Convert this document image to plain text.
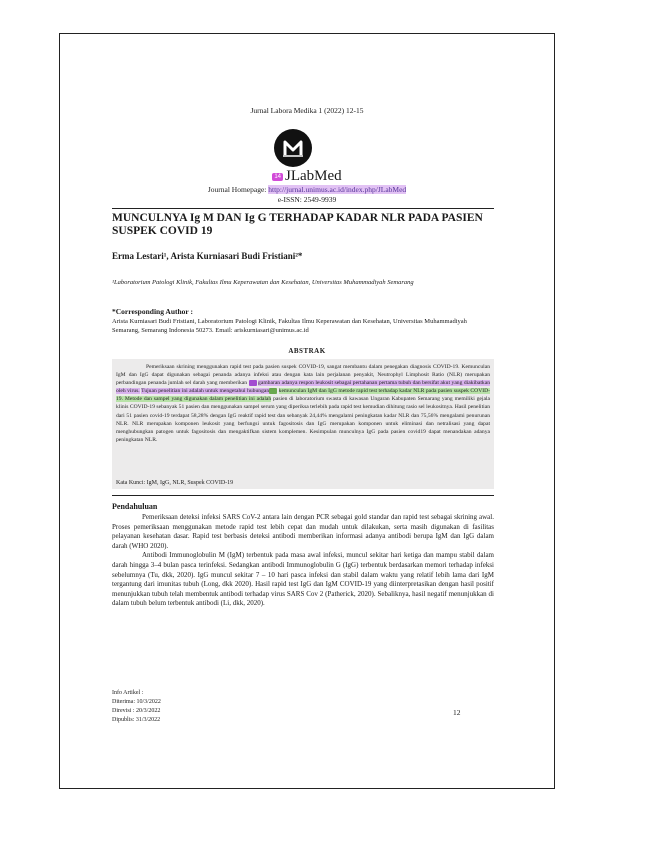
Jurnal Labora Medika 1 (2022) 12-15
14 JLabMed
Journal Homepage: http://jurnal.unimus.ac.id/index.php/JLabMed
e-ISSN: 2549-9939
MUNCULNYA Ig M DAN Ig G TERHADAP KADAR NLR PADA PASIEN SUSPEK COVID 19
Erma Lestari¹, Arista Kurniasari Budi Fristiani²*
¹Laboratorium Patologi Klinik, Fakultas Ilmu Keperawatan dan Kesehatan, Universitas Muhammadiyah Semarang
*Corresponding Author :
Arista Kurniasari Budi Fristiani, Laboratorium Patologi Klinik, Fakultas Ilmu Keperawatan dan Kesehatan, Universitas Muhammadiyah Semarang, Semarang Indonesia 50273. Email: ariskurniasari@unimus.ac.id
ABSTRAK

Pemeriksaan skrining menggunakan rapid test pada pasien suspek COVID-19, sangat membantu dalam penegakan diagnosis COVID-19. Kemunculan IgM dan IgG dapat digunakan sebagai penanda adanya infeksi atau dengan kata lain perjalanan penyakit, Neutrophyl Limphosit Ratio (NLR) merupakan perbandingan penanda jumlah sel darah yang memberikan gambaran adanya respon leukosit sebagai pertahanan pertama tubuh dan bersifat akut yang diakibatkan oleh virus. Tujuan penelitian ini adalah untuk mengetahui hubungan kemunculan IgM dan IgG metode rapid test terhadap kadar NLR pada pasien suspek COVID-19. Metode dan sampel yang digunakan dalam penelitian ini adalah pasien di laboratorium swasta di kawasan Ungaran Kabupaten Semarang yang memiliki gejala klinis COVID-19 sebanyak 51 pasien dan menggunakan sampel serum yang diperiksa terlebih pada rapid test kemudian dihitung rasio sel leukositnya. Hasil penelitian dari 51 pasien covid-19 terdapat 58,28% dengan IgG reaktif rapid test dan sebanyak 24,44% mengalami peningkatan kadar NLR dan 75,56% mengalami penurunan NLR. NLR merupakan komponen leukosit yang berfungsi untuk fagositosis dan IgG merupakan komponen untuk eliminasi dan netralisasi yang dapat menghubungkan patogen untuk fagositosis dan mengaktifkan sistem komplemen. Kesimpulan munculnya IgG pada pasien covid19 dapat menandakan adanya peningkatan NLR.

Kata Kunci: IgM, IgG, NLR, Suspek COVID-19
Pendahuluan

Pemeriksaan deteksi infeksi SARS CoV-2 antara lain dengan PCR sebagai gold standar dan rapid test sebagai skrining awal. Proses pemeriksaan menggunakan metode rapid test lebih cepat dan mudah untuk dilakukan, serta masih digunakan di fasilitas pelayanan kesehatan dasar. Rapid test berbasis deteksi antibodi memberikan informasi adanya antibodi berupa IgM dan IgG dalam darah (WHO 2020).

Antibodi Immunoglobulin M (IgM) terbentuk pada masa awal infeksi, muncul sekitar hari ketiga dan mampu stabil dalam darah hingga 3–4 bulan pasca terinfeksi. Sedangkan antibodi Immunoglobulin G (IgG) terbentuk berdasarkan memori terhadap infeksi sebelumnya (Tu, dkk, 2020). IgG muncul sekitar 7 – 10 hari pasca infeksi dan stabil dalam waktu yang relatif lebih lama dari IgM tergantung dari imunitas tubuh (Long, dkk 2020). Hasil rapid test IgG dan IgM COVID-19 yang diinterpretasikan dengan hasil positif menunjukkan tubuh telah membentuk antibodi terhadap virus SARS Cov 2 (Patherick, 2020). Sebaliknya, hasil negatif menunjukkan di dalam tubuh belum terbentuk antibodi (Li, dkk, 2020).

Info Artikel :
Diterima: 10/3/2022
Direvisi : 20/3/2022
Dipublis: 31/3/2022
12
